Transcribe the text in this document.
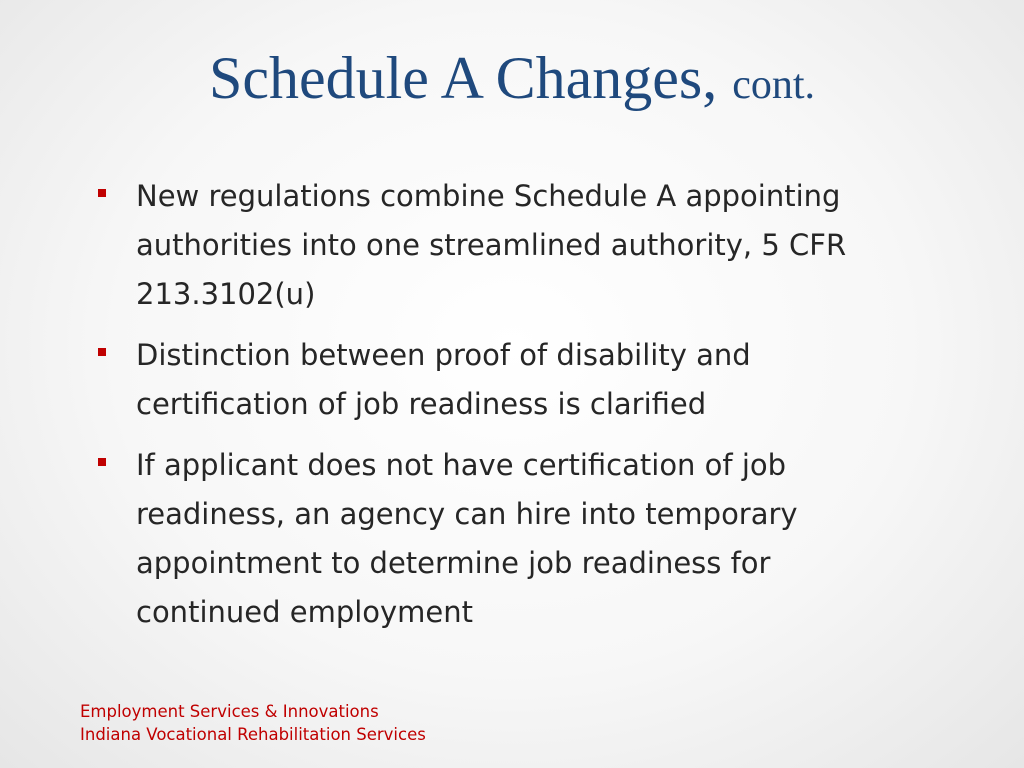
Schedule A Changes, cont.
New regulations combine Schedule A appointing authorities into one streamlined authority, 5 CFR 213.3102(u)
Distinction between proof of disability and certification of job readiness is clarified
If applicant does not have certification of job readiness, an agency can hire into temporary appointment to determine job readiness for continued employment
Employment Services & Innovations
Indiana Vocational Rehabilitation Services
